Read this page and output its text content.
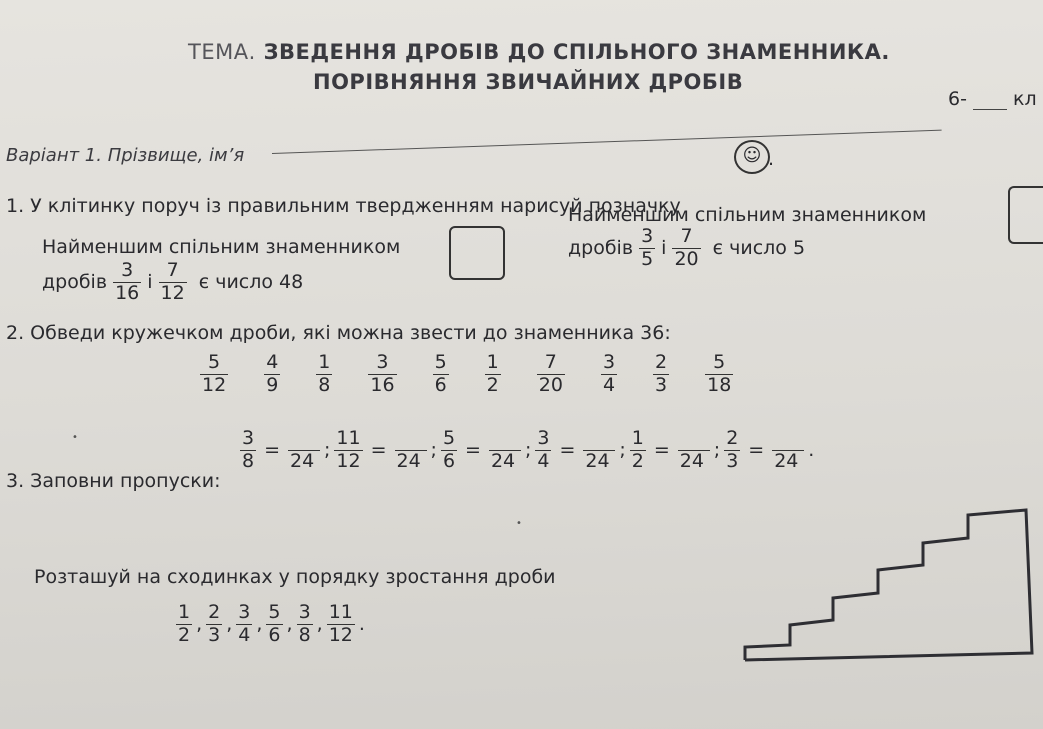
ТЕМА. ЗВЕДЕННЯ ДРОБІВ ДО СПІЛЬНОГО ЗНАМЕННИКА.
ПОРІВНЯННЯ ЗВИЧАЙНИХ ДРОБІВ
6- кл
Варіант 1. Прізвище, ім’я
1. У клітинку поруч із правильним твердженням нарисуй позначку
☺ .
Найменшим спільним знаменником
дробів $\frac{3}{16}$ і $\frac{7}{12}$ є число 48
Найменшим спільним знаменником
дробів $\frac{3}{5}$ і $\frac{7}{20}$ є число 5
2. Обведи кружечком дроби, які можна звести до знаменника 36:
$\frac{5}{12} \frac{4}{9} \frac{1}{8} \frac{3}{16} \frac{5}{6} \frac{1}{2} \frac{7}{20} \frac{3}{4} \frac{2}{3} \frac{5}{18}$
3. Заповни пропуски:
$\frac{3}{8}$ =
24 ; $\frac{11}{12}$ =
24 ; $\frac{5}{6}$ =
24 ; $\frac{3}{4}$ =
24 ; $\frac{1}{2}$ =
24 ; $\frac{2}{3}$ =
24 .
Розташуй на сходинках у порядку зростання дроби
$\frac{1}{2}$ , $\frac{2}{3}$ , $\frac{3}{4}$ , $\frac{5}{6}$ , $\frac{3}{8}$ , $\frac{11}{12}$ .
•
•
